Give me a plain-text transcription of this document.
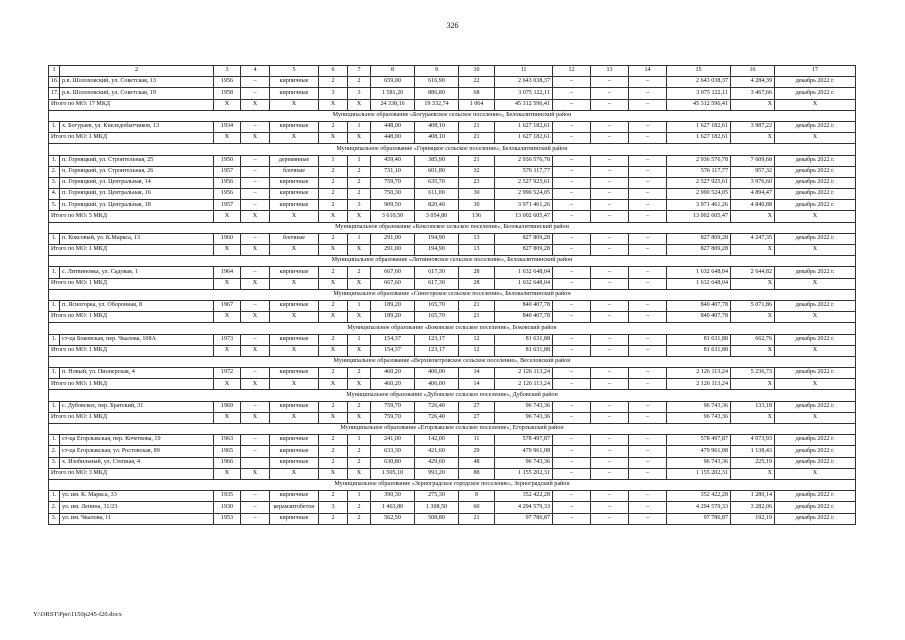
326
1	2	3	4	5	6	7	8	9	10	11	12	13	14	15	16	17
16.	р.в. Шолоховский, ул. Советская, 13	1956	–	кирпичные	2	2	659,00	616,90	22	2 643 038,37	–	–	–	2 643 038,37	4 284,39	декабрь 2022 г.
17.	р.в. Шолоховский, ул. Советская, 19	1958	–	кирпичные	3	3	1 581,20	886,80	68	3 075 122,11	–	–	–	3 075 122,11	3 467,66	декабрь 2022 г.
Итого по МО: 17 МКД		X	X	X	X	X	24 338,16	19 332,74	1 064	45 312 596,41	–	–	–	45 312 596,41	X	X
Муниципальное образование «Богураевское сельское поселение», Белокалитвинский район																
1.	х. Богураев, ул. Кнеледобытчиков, 13	1934	–	кирпичные	2	1	448,00	408,10	21	1 627 182,61	–	–	–	1 627 182,61	3 987,22	декабрь 2022 г.
Итого по МО: 1 МКД		X	X	X	X	X	448,00	408,10	21	1 627 182,61	–	–	–	1 627 182,61	X	X
Муниципальное образование «Горняцкое сельское поселение», Белокалитвинский район																
1.	п. Горняцкий, ул. Строительная, 25	1950	–	деревянные	1	1	459,40	385,90	21	2 936 576,78	–	–	–	2 936 576,78	7 609,68	декабрь 2022 г.
2.	п. Горняцкий, ул. Строительная, 26	1957	–	блочные	2	2	731,10	601,80	32	576 117,77	–	–	–	576 117,77	957,32	декабрь 2022 г.
3.	п. Горняцкий, ул. Центральная, 14	1956	–	кирпичные	2	2	759,70	635,70	23	2 527 925,61	–	–	–	2 527 925,61	3 976,60	декабрь 2022 г.
4.	п. Горняцкий, ул. Центральная, 16	1956	–	кирпичные	2	2	750,30	611,00	30	2 990 524,05	–	–	–	2 990 524,05	4 894,47	декабрь 2022 г.
5.	п. Горняцкий, ул. Центральная, 18	1957	–	кирпичные	2	3	909,50	820,40	30	3 971 461,26	–	–	–	3 971 461,26	4 840,88	декабрь 2022 г.
Итого по МО: 5 МКД		X	X	X	X	X	3 610,50	3 054,80	136	13 002 605,47	–	–	–	13 002 605,47	X	X
Муниципальное образование «Коксовское сельское поселение», Белокалитвинский район																
1.	п. Коксовый, ул. К.Маркса, 13	1960	–	блочные	2	1	291,00	194,90	13	827 809,28	–	–	–	827 809,28	4 247,35	декабрь 2022 г.
Итого по МО: 1 МКД		X	X	X	X	X	291,00	194,90	13	827 809,28	–	–	–	827 809,28	X	X
Муниципальное образование «Литвиновское сельское поселение», Белокалитвинский район																
1.	с. Литвиновка, ул. Садовая, 1	1964	–	кирпичные	2	2	667,60	617,30	28	1 632 648,04	–	–	–	1 632 648,04	2 644,82	декабрь 2022 г.
Итого по МО: 1 МКД		X	X	X	X	X	667,60	617,30	28	1 632 648,04	–	–	–	1 632 648,04	X	X
Муниципальное образование «Синегорское сельское поселение», Белокалитвинский район																
1.	п. Ясногорка, ул. Оборонная, 8	1967	–	кирпичные	2	1	189,20	165,70	21	840 407,78	–	–	–	840 407,78	5 071,86	декабрь 2022 г.
Итого по МО: 1 МКД		X	X	X	X	X	189,20	165,70	21	840 407,78	–	–	–	840 407,78	X	X
Муниципальное образование «Боковское сельское поселение», Боковский район																
1.	ст-ца Боковская, пер. Чкалова, 108А	1973	–	кирпичные	2	1	154,37	123,17	12	81 631,88	–	–	–	81 631,88	662,76	декабрь 2022 г.
Итого по МО: 1 МКД		X	X	X	X	X	154,37	123,17	12	81 631,88	–	–	–	81 631,88	X	X
Муниципальное образование «Верхнепетровское сельское поселение», Веселовский район																
1.	п. Новый, ул. Пионерская, 4	1972	–	кирпичные	2	2	460,20	406,00	14	2 126 113,24	–	–	–	2 126 113,24	5 236,73	декабрь 2022 г.
Итого по МО: 1 МКД		X	X	X	X	X	460,20	406,00	14	2 126 113,24	–	–	–	2 126 113,24	X	X
Муниципальное образование «Дубовское сельское поселение», Дубовский район																
1.	с. Дубовское, пер. Братский, 31	1969	–	кирпичные	2	2	759,70	726,40	27	96 743,36	–	–	–	96 743,36	133,18	декабрь 2022 г.
Итого по МО: 1 МКД		X	X	X	X	X	759,70	726,40	27	96 743,36	–	–	–	96 743,36	X	X
Муниципальное образование «Егорлыкское сельское поселение», Егорлыкский район																
1.	ст-ца Егорлыкская, пер. Кочеткова, 19	1963	–	кирпичные	2	1	241,00	142,00	11	578 497,87	–	–	–	578 497,87	4 073,93	декабрь 2022 г.
2.	ст-ца Егорлыкская, ул. Ростовская, 89	1965	–	кирпичные	2	2	633,30	421,60	29	479 961,08	–	–	–	479 961,08	1 138,43	декабрь 2022 г.
3.	х. Изобильный, ул. Степная, 4	1966		кирпичные	2	2	630,80	429,60	48	96 743,36	–	–	–	96 743,36	225,19	декабрь 2022 г.
Итого по МО: 3 МКД		X	X	X	X	X	1 505,10	993,20	88	1 155 202,31	–	–	–	1 155 202,31	X	X
Муниципальное образование «Зерноградское городское поселение», Зерноградский район																
1.	ул. им. К. Маркса, 33	1935	–	кирпичные	2	1	390,30	275,30	8	352 422,28	–	–	–	352 422,28	1 280,14	декабрь 2022 г.
2.	ул. им. Ленина, 31/23	1930	–	керамзитобетон	3	2	1 463,80	1 308,50	60	4 294 579,33	–	–	–	4 294 579,33	3 282,06	декабрь 2022 г.
3.	ул. им. Чкалова, 11	1953	–	кирпичные	2	2	562,50	508,80	21	97 786,87	–	–	–	97 786,87	192,19	декабрь 2022 г.
Y:\ORST\Ppo\1150p245-f20.docx
